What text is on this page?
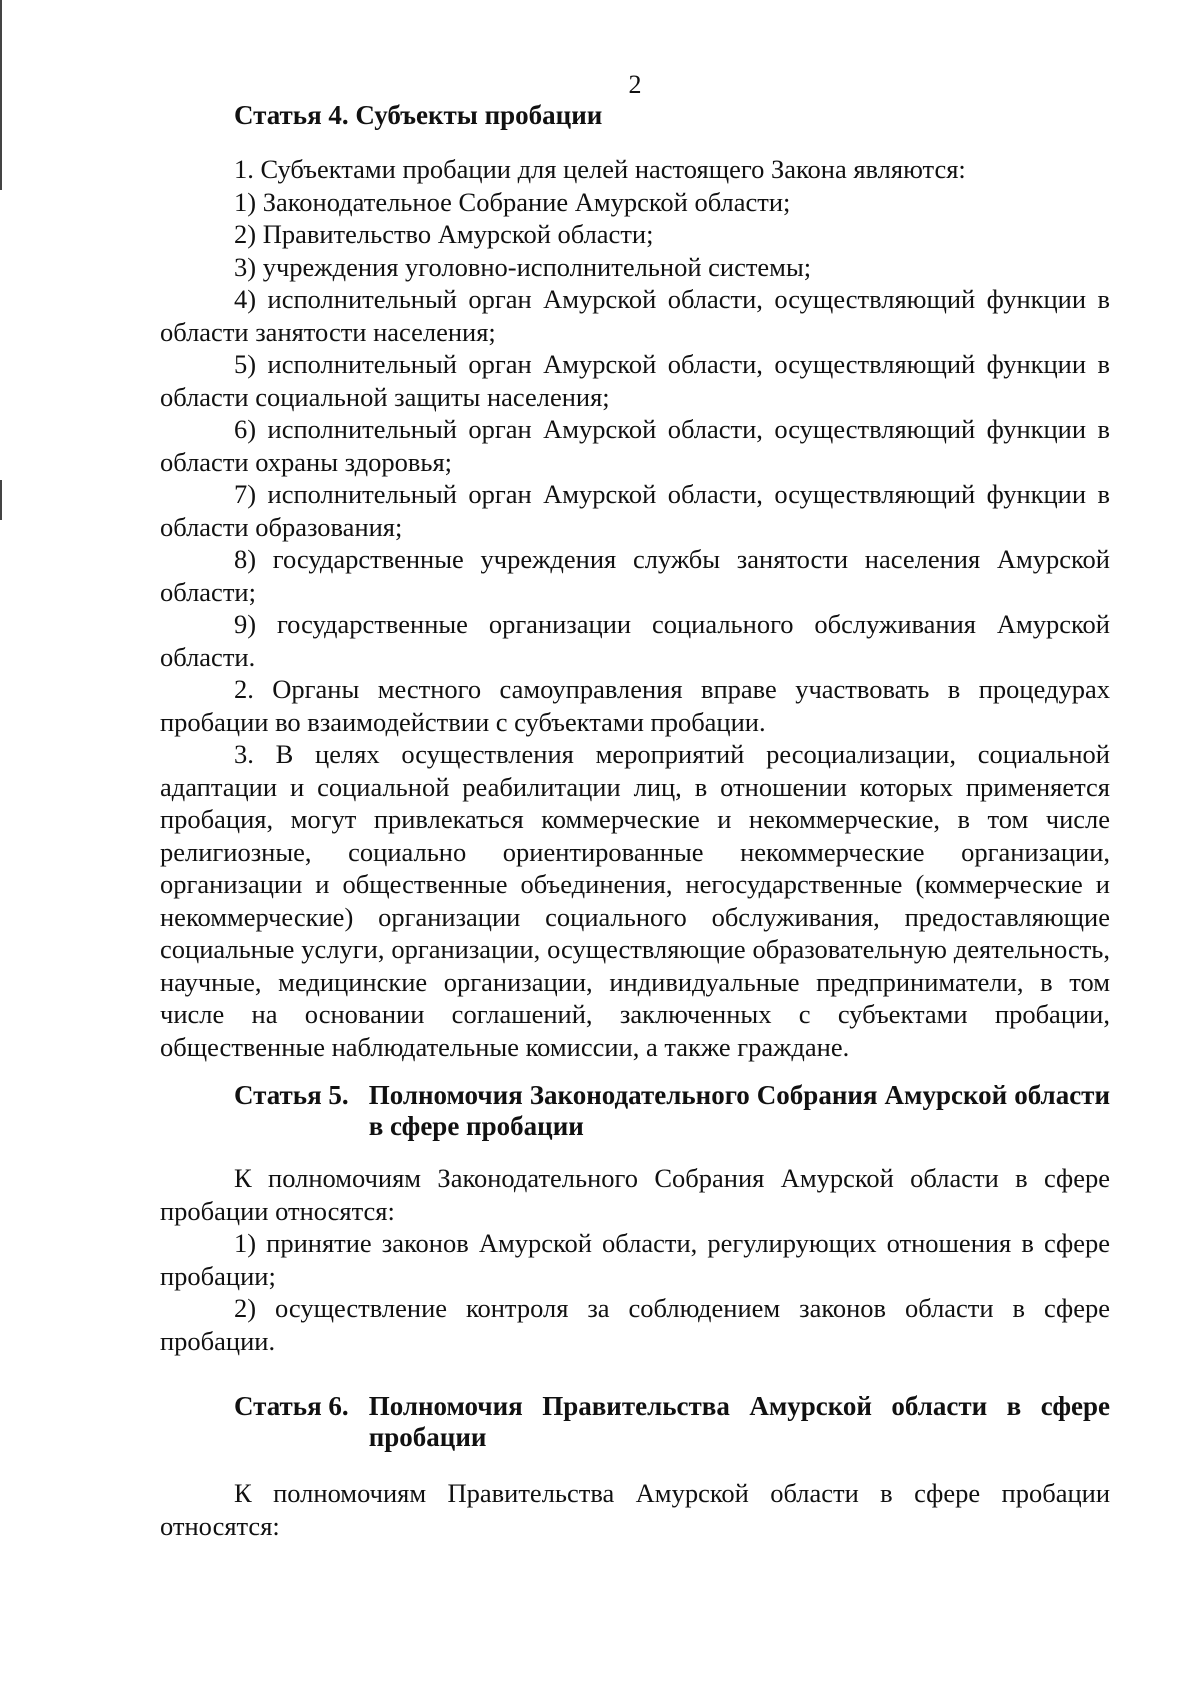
2

Статья 4. Субъекты пробации

1. Субъектами пробации для целей настоящего Закона являются:

1) Законодательное Собрание Амурской области;

2) Правительство Амурской области;

3) учреждения уголовно-исполнительной системы;

4) исполнительный орган Амурской области, осуществляющий функции в области занятости населения;

5) исполнительный орган Амурской области, осуществляющий функции в области социальной защиты населения;

6) исполнительный орган Амурской области, осуществляющий функции в области охраны здоровья;

7) исполнительный орган Амурской области, осуществляющий функции в области образования;

8) государственные учреждения службы занятости населения Амурской области;

9) государственные организации социального обслуживания Амурской области.

2. Органы местного самоуправления вправе участвовать в процедурах пробации во взаимодействии с субъектами пробации.

3. В целях осуществления мероприятий ресоциализации, социальной адаптации и социальной реабилитации лиц, в отношении которых применяется пробация, могут привлекаться коммерческие и некоммерческие, в том числе религиозные, социально ориентированные некоммерческие организации, организации и общественные объединения, негосударственные (коммерческие и некоммерческие) организации социального обслуживания, предоставляющие социальные услуги, организации, осуществляющие образовательную деятельность, научные, медицинские организации, индивидуальные предприниматели, в том числе на основании соглашений, заключенных с субъектами пробации, общественные наблюдательные комиссии, а также граждане.

Статья 5. Полномочия Законодательного Собрания Амурской области в сфере пробации

К полномочиям Законодательного Собрания Амурской области в сфере пробации относятся:

1) принятие законов Амурской области, регулирующих отношения в сфере пробации;

2) осуществление контроля за соблюдением законов области в сфере пробации.

Статья 6. Полномочия Правительства Амурской области в сфере пробации

К полномочиям Правительства Амурской области в сфере пробации относятся:
